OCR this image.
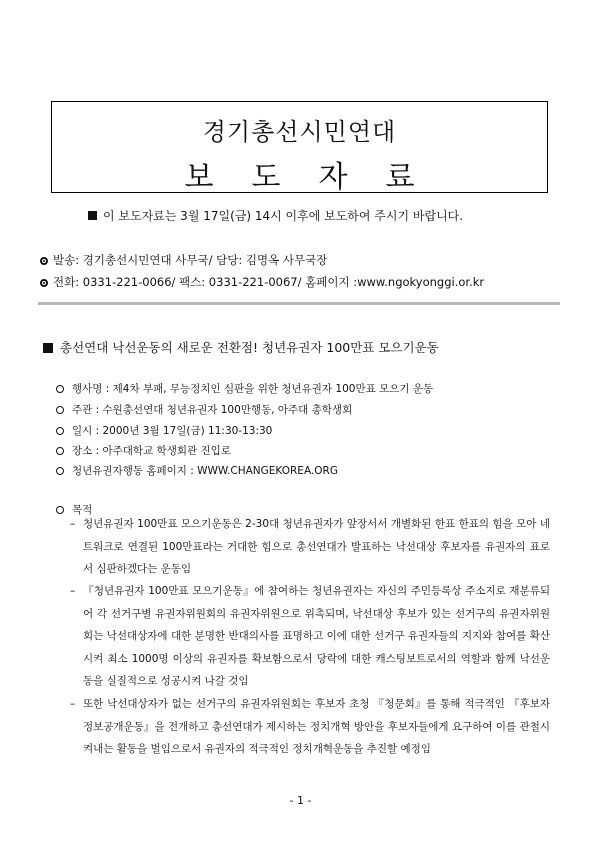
경기총선시민연대
보도자료
이 보도자료는 3월 17일(금) 14시 이후에 보도하여 주시기 바랍니다.
발송: 경기총선시민연대 사무국/ 담당: 김명옥 사무국장
전화: 0331-221-0066/ 팩스: 0331-221-0067/ 홈페이지 :www.ngokyonggi.or.kr
총선연대 낙선운동의 새로운 전환점! 청년유권자 100만표 모으기운동
행사명 : 제4차 부패, 무능정치인 심판을 위한 청년유권자 100만표 모으기 운동
주관 : 수원총선연대 청년유권자 100만행동, 아주대 총학생회
일시 : 2000년 3월 17일(금) 11:30-13:30
장소 : 아주대학교 학생회관 진입로
청년유권자행동 홈페이지 : WWW.CHANGEKOREA.ORG
목적
– 청년유권자 100만표 모으기운동은 2-30대 청년유권자가 앞장서서 개별화된 한표 한표의 힘을 모아 네트워크로 연결된 100만표라는 거대한 힘으로 총선연대가 발표하는 낙선대상 후보자를 유권자의 표로서 심판하겠다는 운동임
– 『청년유권자 100만표 모으기운동』에 참여하는 청년유권자는 자신의 주민등록상 주소지로 재분류되어 각 선거구별 유권자위원회의 유권자위원으로 위촉되며, 낙선대상 후보가 있는 선거구의 유권자위원회는 낙선대상자에 대한 분명한 반대의사를 표명하고 이에 대한 선거구 유권자들의 지지와 참여를 확산시켜 최소 1000명 이상의 유권자를 확보함으로서 당락에 대한 캐스팅보트로서의 역할과 함께 낙선운동을 실질적으로 성공시켜 나갈 것임
– 또한 낙선대상자가 없는 선거구의 유권자위원회는 후보자 초청 『청문회』를 통해 적극적인 『후보자 정보공개운동』을 전개하고 총선연대가 제시하는 정치개혁 방안을 후보자들에게 요구하여 이를 관철시켜내는 활동을 벌임으로서 유권자의 적극적인 정치개혁운동을 추진할 예정임
- 1 -
